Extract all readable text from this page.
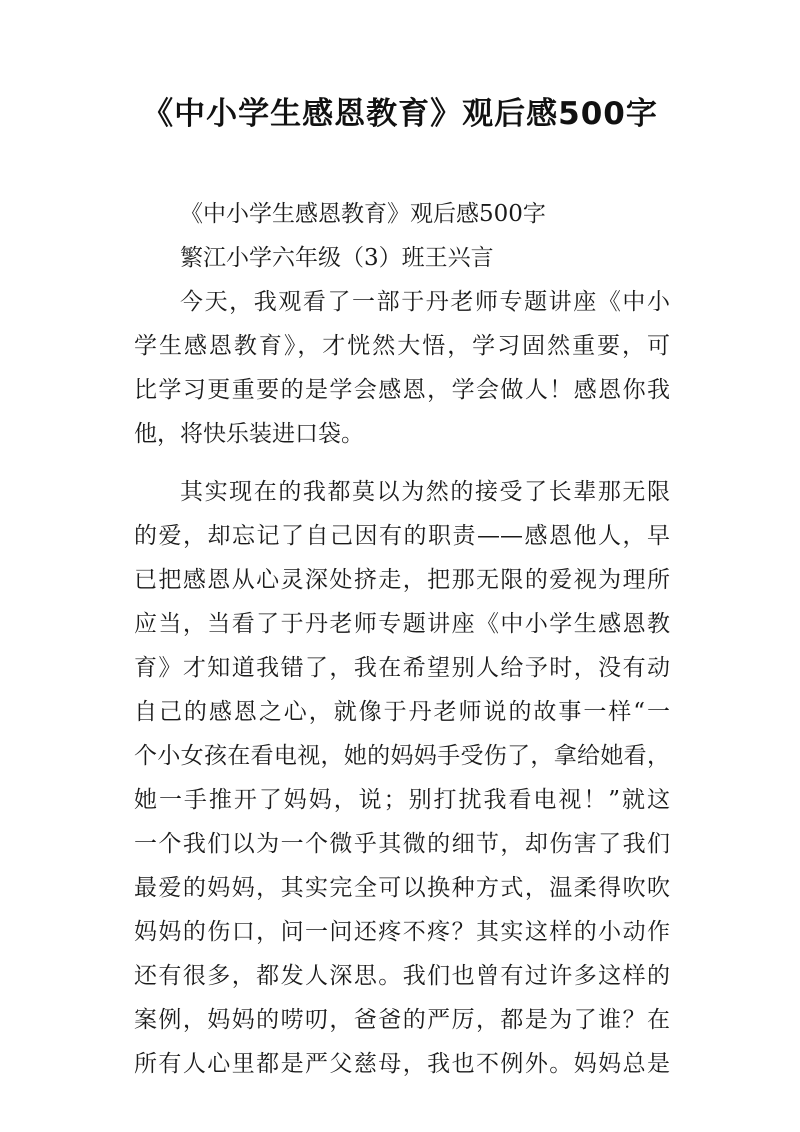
《中小学生感恩教育》观后感500字
《中小学生感恩教育》观后感500字
繁江小学六年级（3）班王兴言
今天，我观看了一部于丹老师专题讲座《中小
学生感恩教育》，才恍然大悟，学习固然重要，可
比学习更重要的是学会感恩，学会做人！感恩你我
他，将快乐装进口袋。
其实现在的我都莫以为然的接受了长辈那无限
的爱，却忘记了自己因有的职责——感恩他人，早
已把感恩从心灵深处挤走，把那无限的爱视为理所
应当，当看了于丹老师专题讲座《中小学生感恩教
育》才知道我错了，我在希望别人给予时，没有动
自己的感恩之心，就像于丹老师说的故事一样“一
个小女孩在看电视，她的妈妈手受伤了，拿给她看，
她一手推开了妈妈，说；别打扰我看电视！”就这
一个我们以为一个微乎其微的细节，却伤害了我们
最爱的妈妈，其实完全可以换种方式，温柔得吹吹
妈妈的伤口，问一问还疼不疼？其实这样的小动作
还有很多，都发人深思。我们也曾有过许多这样的
案例，妈妈的唠叨，爸爸的严厉，都是为了谁？在
所有人心里都是严父慈母，我也不例外。妈妈总是
